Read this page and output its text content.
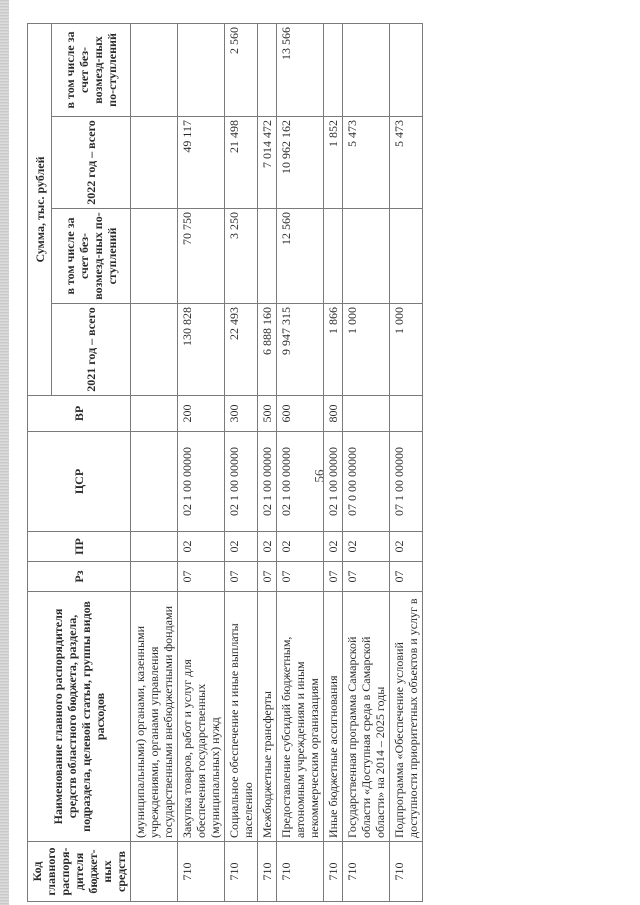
56
Код главного распоря-дителя бюджет-ных средств	Наименование главного распорядителя средств областного бюджета, раздела, подраздела, целевой статьи, группы видов расходов	Рз	ПР	ЦСР	ВР	Сумма, тыс. рублей			
						2021 год – всего	в том числе за счет без-возмезд-ных по-ступлений	2022 год – всего	в том числе за счет без-возмезд-ных по-ступлений
	(муниципальными) органами, казенными учреждениями, органами управления государственными внебюджетными фондами								
710	Закупка товаров, работ и услуг для обеспечения государственных (муниципальных) нужд	07	02	02 1 00 00000	200	130 828	70 750	49 117	
710	Социальное обеспечение и иные выплаты населению	07	02	02 1 00 00000	300	22 493	3 250	21 498	2 560
710	Межбюджетные трансферты	07	02	02 1 00 00000	500	6 888 160		7 014 472	
710	Предоставление субсидий бюджетным, автономным учреждениям и иным некоммерческим организациям	07	02	02 1 00 00000	600	9 947 315	12 560	10 962 162	13 566
710	Иные бюджетные ассигнования	07	02	02 1 00 00000	800	1 866		1 852	
710	Государственная программа Самарской области «Доступная среда в Самарской области» на 2014 – 2025 годы	07	02	07 0 00 00000		1 000		5 473	
710	Подпрограмма «Обеспечение условий доступности приоритетных объектов и услуг в	07	02	07 1 00 00000		1 000		5 473	
